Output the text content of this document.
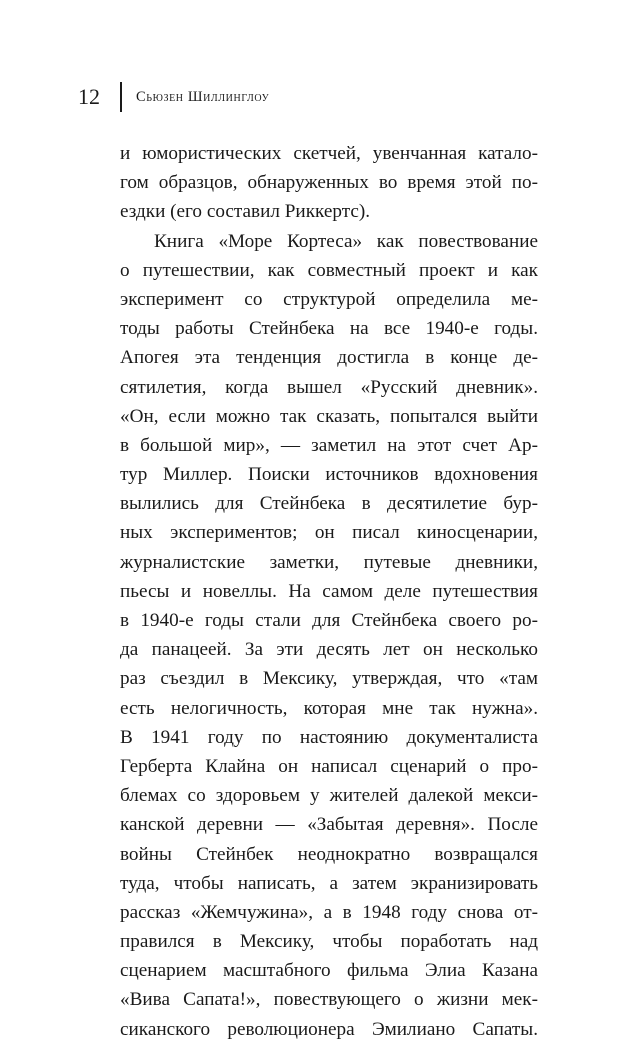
12	Сьюзен Шиллинглоу
и юмористических скетчей, увенчанная катало-
гом образцов, обнаруженных во время этой по-
ездки (его составил Риккертс).
Книга «Море Кортеса» как повествование
о путешествии, как совместный проект и как
эксперимент со структурой определила ме-
тоды работы Стейнбека на все 1940-е годы.
Апогея эта тенденция достигла в конце де-
сятилетия, когда вышел «Русский дневник».
«Он, если можно так сказать, попытался выйти
в большой мир», — заметил на этот счет Ар-
тур Миллер. Поиски источников вдохновения
вылились для Стейнбека в десятилетие бур-
ных экспериментов; он писал киносценарии,
журналистские заметки, путевые дневники,
пьесы и новеллы. На самом деле путешествия
в 1940-е годы стали для Стейнбека своего ро-
да панацеей. За эти десять лет он несколько
раз съездил в Мексику, утверждая, что «там
есть нелогичность, которая мне так нужна».
В 1941 году по настоянию документалиста
Герберта Клайна он написал сценарий о про-
блемах со здоровьем у жителей далекой мекси-
канской деревни — «Забытая деревня». После
войны Стейнбек неоднократно возвращался
туда, чтобы написать, а затем экранизировать
рассказ «Жемчужина», а в 1948 году снова от-
правился в Мексику, чтобы поработать над
сценарием масштабного фильма Элиа Казана
«Вива Сапата!», повествующего о жизни мек-
сиканского революционера Эмилиано Сапаты.
